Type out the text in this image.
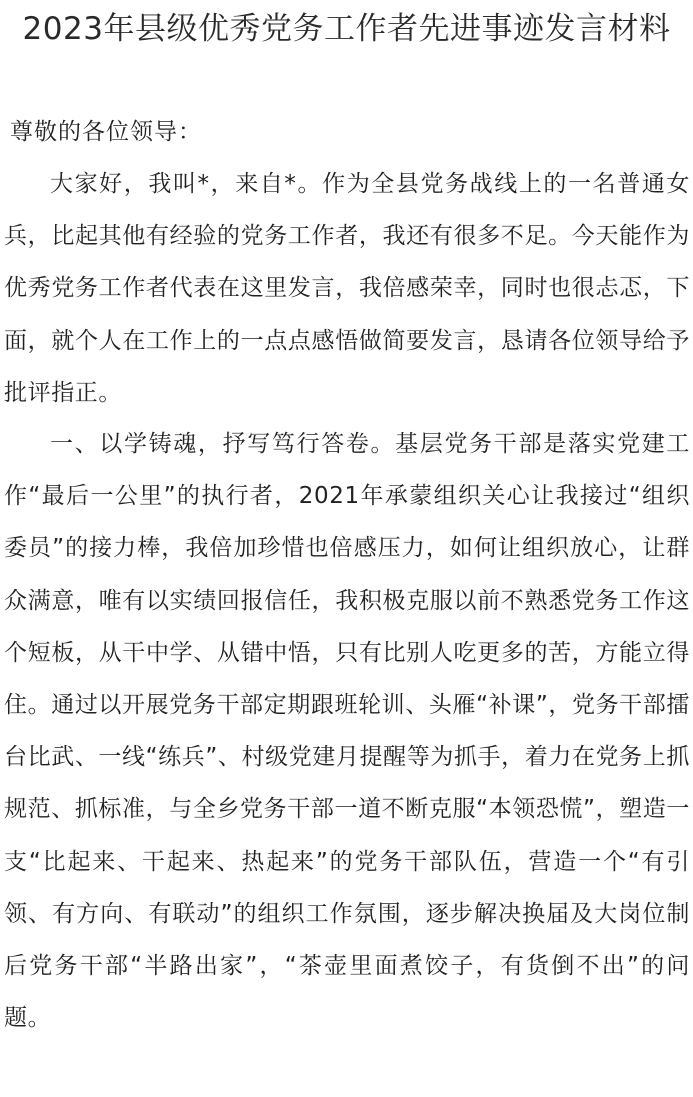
2023年县级优秀党务工作者先进事迹发言材料
尊敬的各位领导：

大家好，我叫*，来自*。作为全县党务战线上的一名普通女兵，比起其他有经验的党务工作者，我还有很多不足。今天能作为优秀党务工作者代表在这里发言，我倍感荣幸，同时也很忐忑，下面，就个人在工作上的一点点感悟做简要发言，恳请各位领导给予批评指正。

一、以学铸魂，抒写笃行答卷。基层党务干部是落实党建工作“最后一公里”的执行者，2021年承蒙组织关心让我接过“组织委员”的接力棒，我倍加珍惜也倍感压力，如何让组织放心，让群众满意，唯有以实绩回报信任，我积极克服以前不熟悉党务工作这个短板，从干中学、从错中悟，只有比别人吃更多的苦，方能立得住。通过以开展党务干部定期跟班轮训、头雁“补课”，党务干部擂台比武、一线“练兵”、村级党建月提醒等为抓手，着力在党务上抓规范、抓标准，与全乡党务干部一道不断克服“本领恐慌”，塑造一支“比起来、干起来、热起来”的党务干部队伍，营造一个“有引领、有方向、有联动”的组织工作氛围，逐步解决换届及大岗位制后党务干部“半路出家”，“茶壶里面煮饺子，有货倒不出”的问题。
